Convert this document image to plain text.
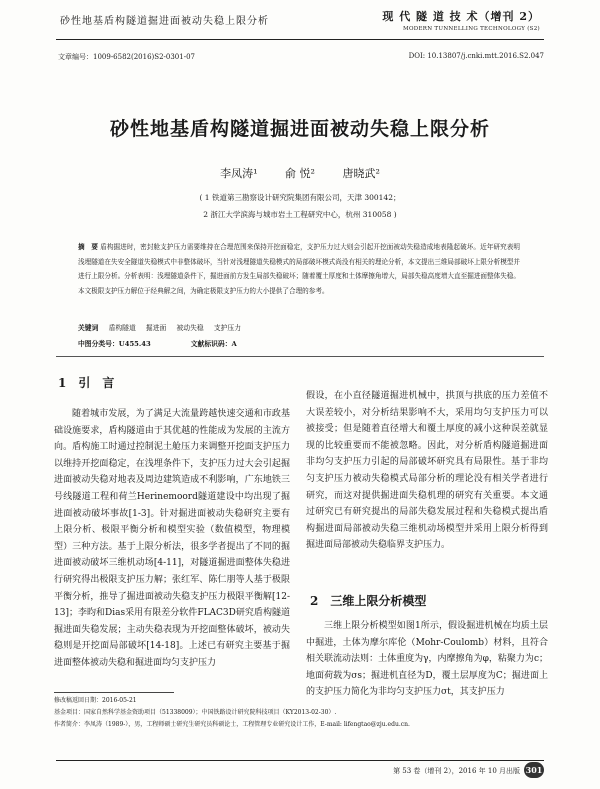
砂性地基盾构隧道掘进面被动失稳上限分析	现 代 隧 道 技 术（增刊 2）
MODERN TUNNELLING TECHNOLOGY (S2)
文章编号：1009-6582(2016)S2-0301-07	DOI: 10.13807/j.cnki.mtt.2016.S2.047
砂性地基盾构隧道掘进面被动失稳上限分析
李凤涛¹	俞 悦²	唐晓武²
( 1 铁道第三勘察设计研究院集团有限公司，天津 300142；
2 浙江大学滨海与城市岩土工程研究中心，杭州 310058 )
摘　要 盾构掘进时，密封舱支护压力需要维持在合理范围来保持开挖面稳定，支护压力过大则会引起开挖面被动失稳造成地表隆起破坏。近年研究表明浅埋隧道在失安全隧道失稳模式中非整体破坏，当针对浅埋隧道失稳模式的局部破坏模式尚没有相关的理论分析，本文提出三维局部破坏上限分析模型并进行上限分析。分析表明：浅埋隧道条件下，掘进面前方发生局部失稳破坏；随着覆土厚度和土体摩擦角增大，局部失稳高度增大直至掘进面整体失稳。本文极限支护压力解位于经典解之间，为确定极限支护压力的大小提供了合理的参考。
关键词 盾构隧道 掘进面 被动失稳 支护压力
中图分类号：U455.43	文献标识码：A
1　引　言

随着城市发展，为了满足大流量跨越快速交通和市政基础设施要求，盾构隧道由于其优越的性能成为发展的主流方向。盾构施工时通过控制泥土舱压力来调整开挖面支护压力以维持开挖面稳定，在浅埋条件下，支护压力过大会引起掘进面被动失稳对地表及周边建筑造成不利影响，广东地铁三号线隧道工程和荷兰Herinemoord隧道建设中均出现了掘进面被动破坏事故[1-3]。针对掘进面被动失稳研究主要有上限分析、极限平衡分析和模型实验（数值模型，物理模型）三种方法。基于上限分析法，很多学者提出了不同的掘进面被动破坏三维机动场[4-11]，对隧道掘进面整体失稳进行研究得出极限支护压力解；张红军、陈仁朋等人基于极限平衡分析，推导了掘进面被动失稳支护压力极限平衡解[12-13]；李昀和Dias采用有限差分软件FLAC3D研究盾构隧道掘进面失稳发展；主动失稳表现为开挖面整体破坏，被动失稳则是开挖面局部破坏[14-18]。上述已有研究主要基于掘进面整体被动失稳和掘进面均匀支护压力

假设，在小直径隧道掘进机械中，拱顶与拱底的压力差值不大误差较小，对分析结果影响不大，采用均匀支护压力可以被接受；但是随着直径增大和覆土厚度的减小这种误差就显现的比较重要而不能被忽略。因此，对分析盾构隧道掘进面非均匀支护压力引起的局部破坏研究具有局限性。基于非均匀支护压力被动失稳模式局部分析的理论没有相关学者进行研究，而这对提供掘进面失稳机理的研究有关重要。本文通过研究已有研究提出的局部失稳发展过程和失稳模式提出盾构掘进面局部被动失稳三维机动场模型并采用上限分析得到掘进面局部被动失稳临界支护压力。

2　三维上限分析模型

三维上限分析模型如图1所示，假设掘进机械在均质土层中掘进，土体为摩尔库伦（Mohr-Coulomb）材料，且符合相关联流动法则：土体重度为γ，内摩擦角为φ，粘聚力为c；地面荷载为σs；掘进机直径为D，覆土层厚度为C；掘进面上的支护压力简化为非均匀支护压力σt，其支护压力

修改稿返回日期：2016-05-21
基金项目：国家自然科学基金资助项目（51338009）；中国铁路设计研究院科技项目（KY2013-02-30）.
作者简介：李凤涛（1989-），男，工程师硕士研究生研究员科硕论士，工程管理专业研究设计工作，E-mail: lifengtao@zju.edu.cn.
第 53 卷（增刊 2），2016 年 10 月出版 301
